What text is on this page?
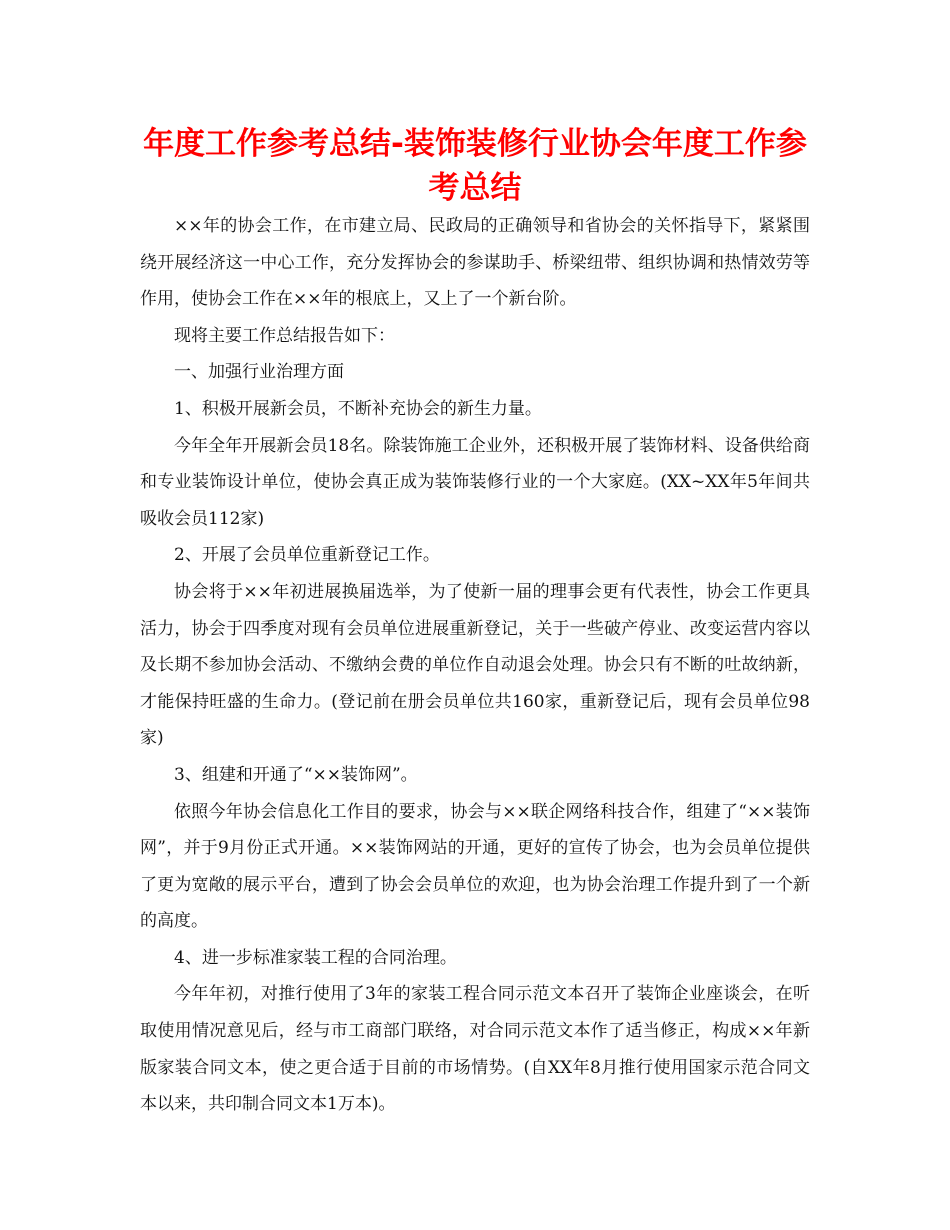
年度工作参考总结-装饰装修行业协会年度工作参考总结

××年的协会工作，在市建立局、民政局的正确领导和省协会的关怀指导下，紧紧围绕开展经济这一中心工作，充分发挥协会的参谋助手、桥梁纽带、组织协调和热情效劳等作用，使协会工作在××年的根底上，又上了一个新台阶。

现将主要工作总结报告如下：

一、加强行业治理方面

1、积极开展新会员，不断补充协会的新生力量。

今年全年开展新会员18名。除装饰施工企业外，还积极开展了装饰材料、设备供给商和专业装饰设计单位，使协会真正成为装饰装修行业的一个大家庭。(XX~XX年5年间共吸收会员112家)

2、开展了会员单位重新登记工作。

协会将于××年初进展换届选举，为了使新一届的理事会更有代表性，协会工作更具活力，协会于四季度对现有会员单位进展重新登记，关于一些破产停业、改变运营内容以及长期不参加协会活动、不缴纳会费的单位作自动退会处理。协会只有不断的吐故纳新，才能保持旺盛的生命力。(登记前在册会员单位共160家，重新登记后，现有会员单位98家)

3、组建和开通了“××装饰网”。

依照今年协会信息化工作目的要求，协会与××联企网络科技合作，组建了“××装饰网”，并于9月份正式开通。××装饰网站的开通，更好的宣传了协会，也为会员单位提供了更为宽敞的展示平台，遭到了协会会员单位的欢迎，也为协会治理工作提升到了一个新的高度。

4、进一步标准家装工程的合同治理。

今年年初，对推行使用了3年的家装工程合同示范文本召开了装饰企业座谈会，在听取使用情况意见后，经与市工商部门联络，对合同示范文本作了适当修正，构成××年新版家装合同文本，使之更合适于目前的市场情势。(自XX年8月推行使用国家示范合同文本以来，共印制合同文本1万本)。
